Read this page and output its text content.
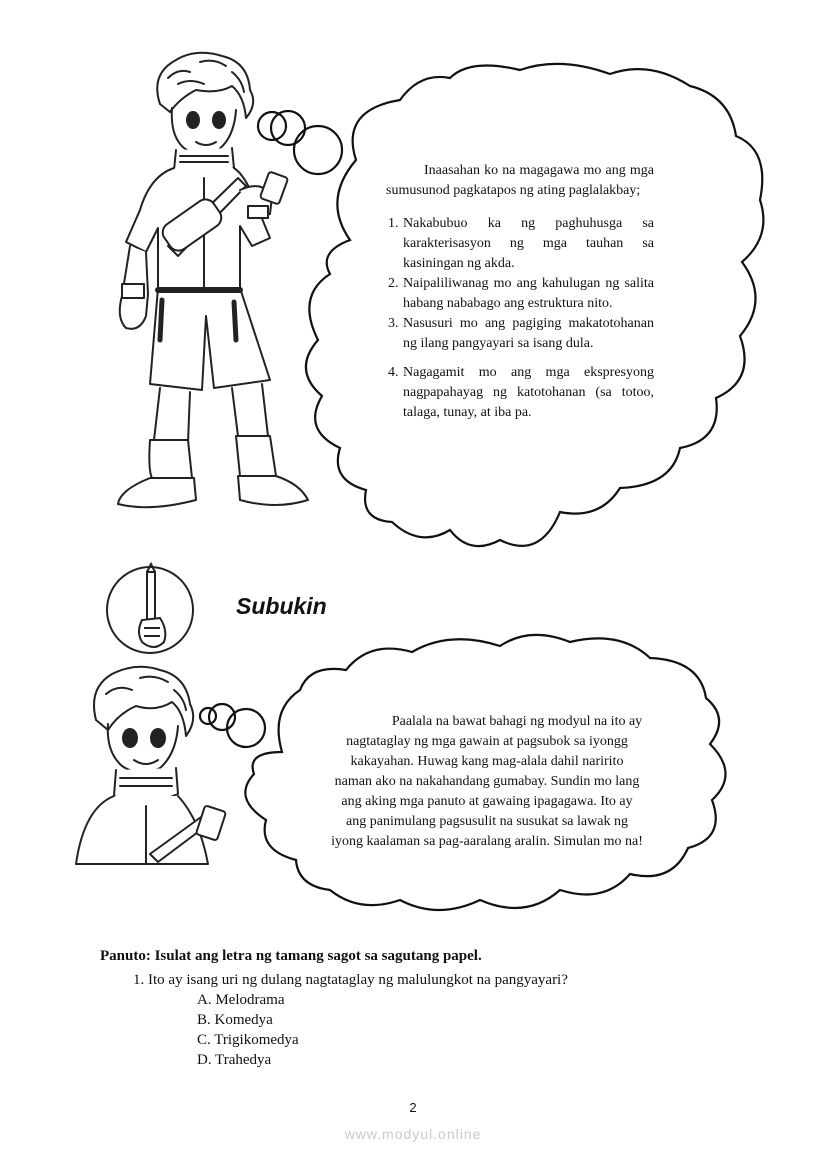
Inaasahan ko na magagawa mo ang mga sumusunod pagkatapos ng ating paglalakbay;
1. Nakabubuo ka ng paghuhusga sa karakterisasyon ng mga tauhan sa kasiningan ng akda.
2. Naipaliliwanag mo ang kahulugan ng salita habang nababago ang estruktura nito.
3. Nasusuri mo ang pagiging makatotohanan ng ilang pangyayari sa isang dula.
4. Nagagamit mo ang mga ekspresyong nagpapahayag ng katotohanan (sa totoo, talaga, tunay, at iba pa.
Subukin
Paalala na bawat bahagi ng modyul na ito ay
nagtataglay ng mga gawain at pagsubok sa iyongg
kakayahan. Huwag kang mag-alala dahil naririto
naman ako na nakahandang gumabay. Sundin mo lang
ang aking mga panuto at gawaing ipagagawa. Ito ay
ang panimulang pagsusulit na susukat sa lawak ng
iyong kaalaman sa pag-aaralang aralin. Simulan mo na!
Panuto: Isulat ang letra ng tamang sagot sa sagutang papel.
1. Ito ay isang uri ng dulang nagtataglay ng malulungkot na pangyayari?
A. Melodrama
B. Komedya
C. Trigikomedya
D. Trahedya
2
www.modyul.online
